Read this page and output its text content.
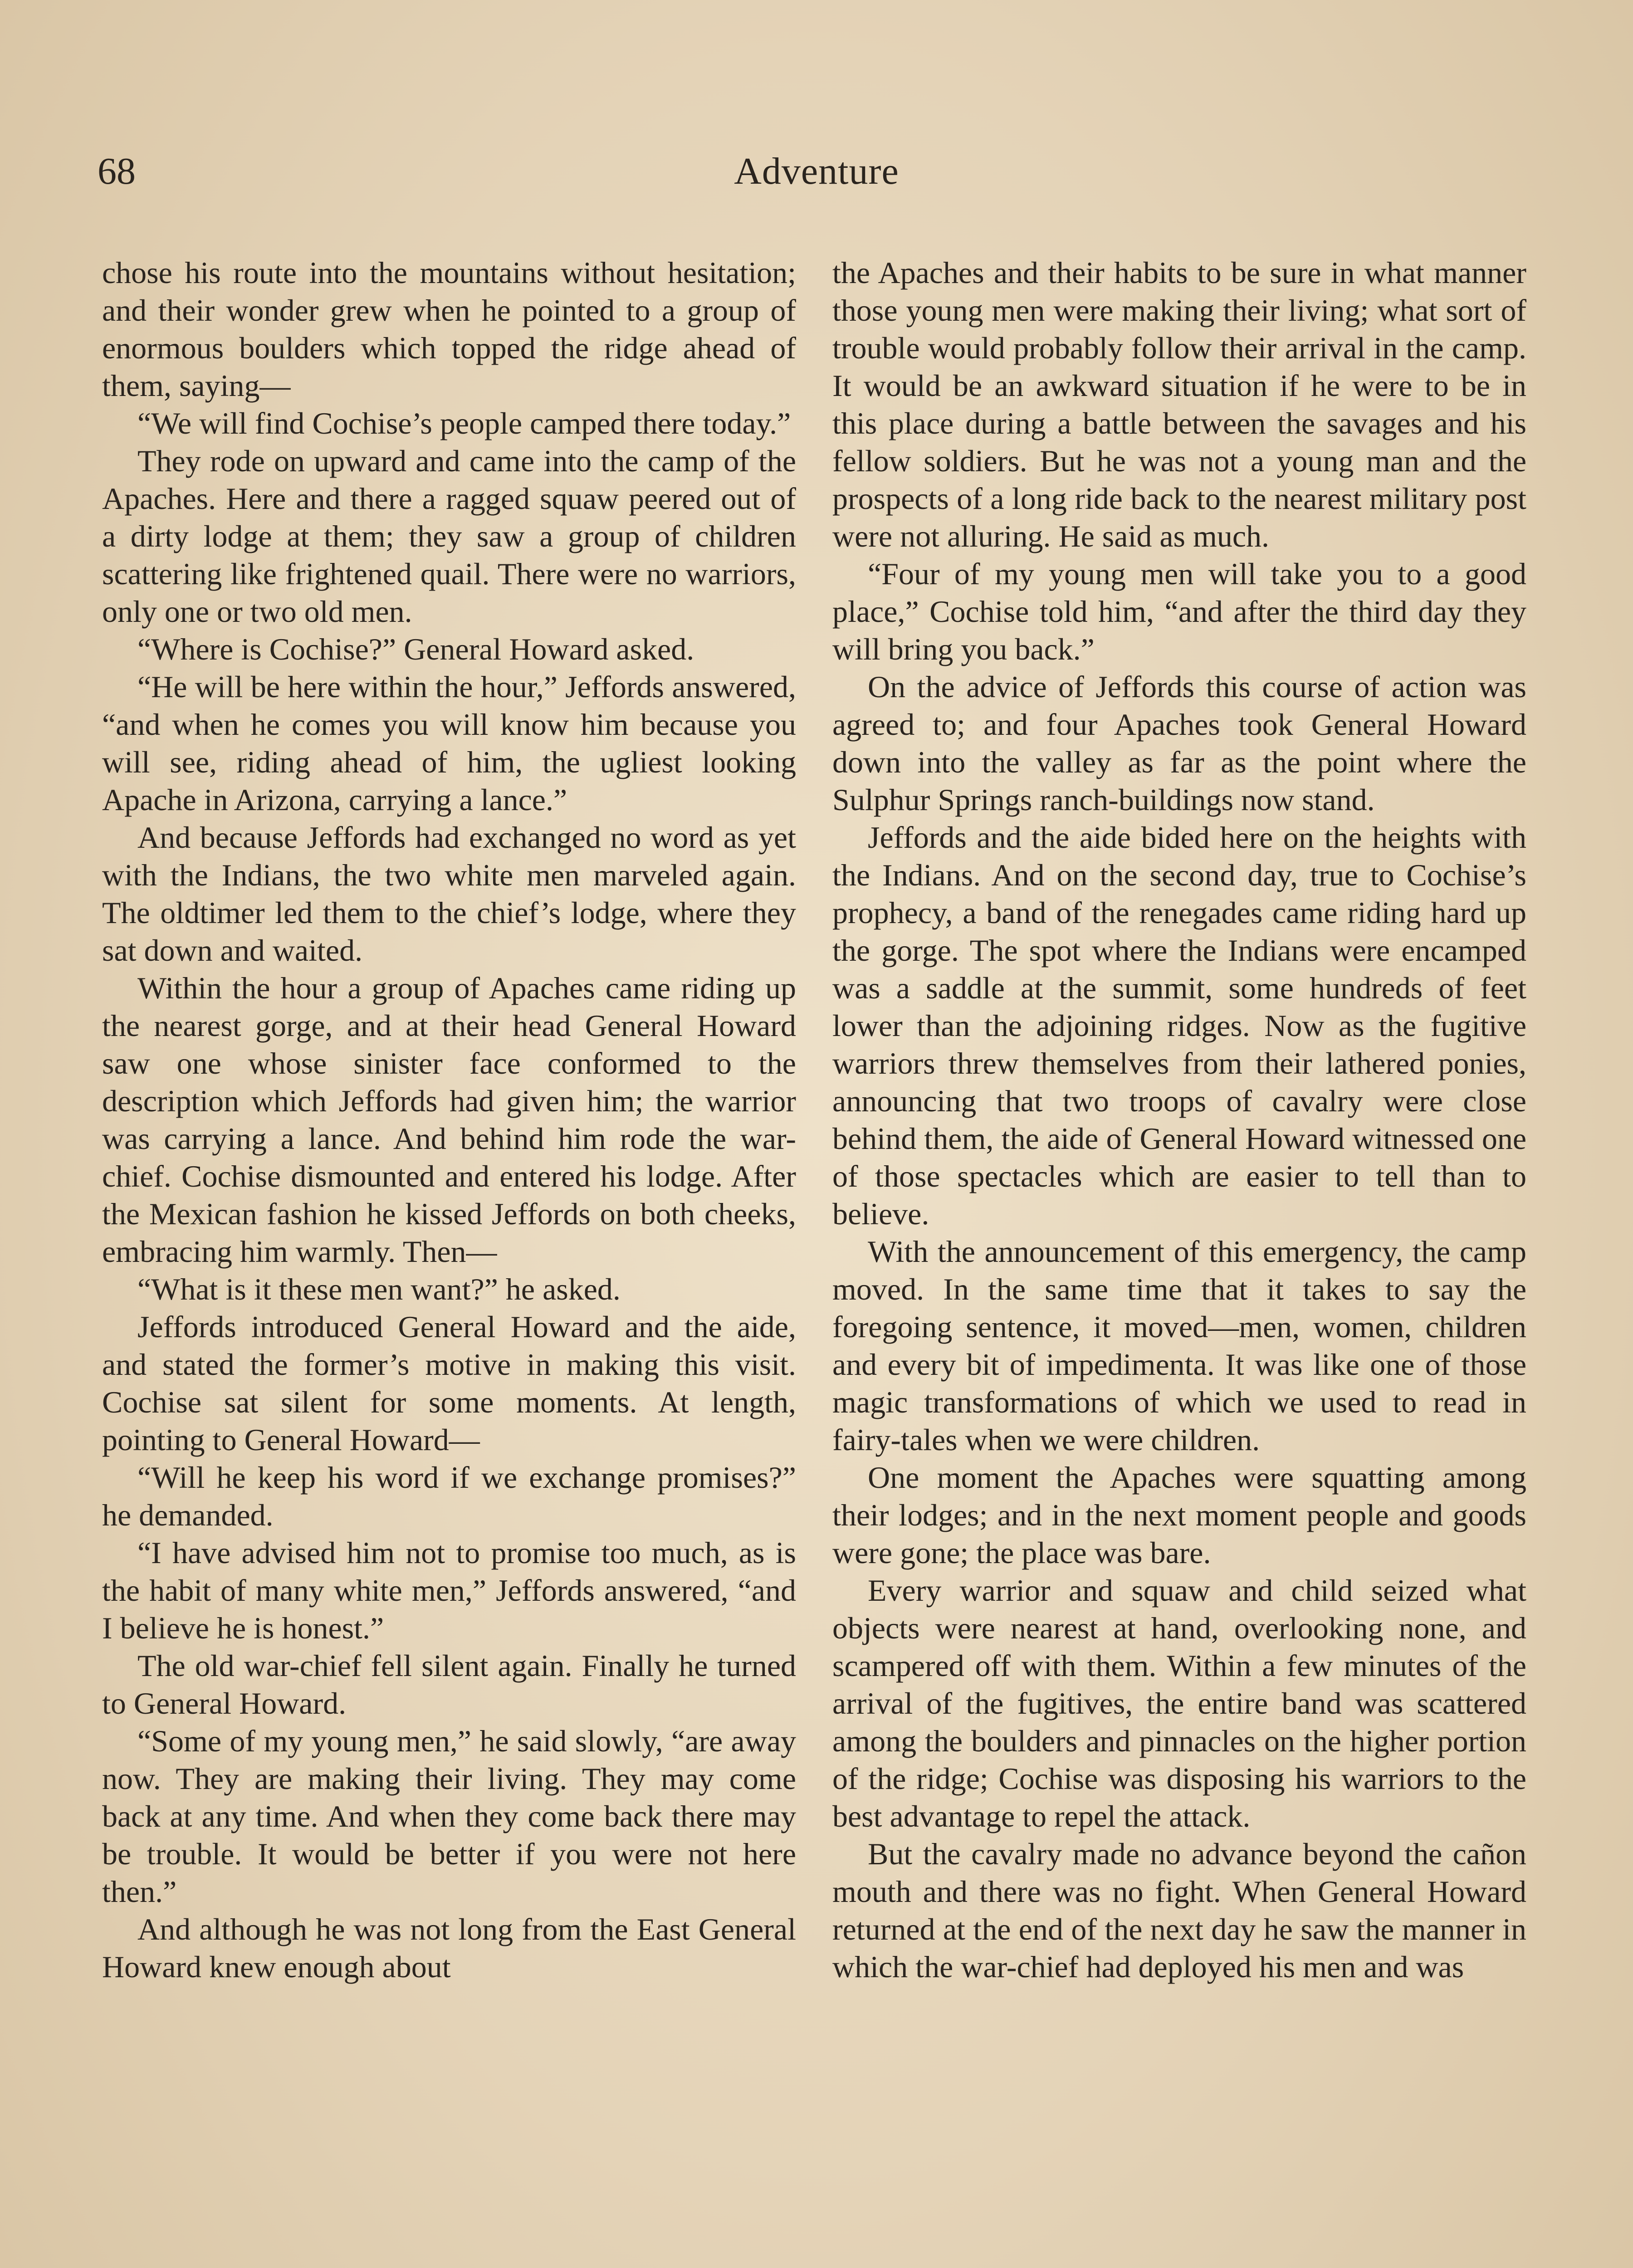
68	Adventure

chose his route into the mountains without hesitation; and their wonder grew when he pointed to a group of enormous boulders which topped the ridge ahead of them, saying—

“We will find Cochise’s people camped there today.”

They rode on upward and came into the camp of the Apaches. Here and there a ragged squaw peered out of a dirty lodge at them; they saw a group of children scattering like frightened quail. There were no warriors, only one or two old men.

“Where is Cochise?” General Howard asked.

“He will be here within the hour,” Jeffords answered, “and when he comes you will know him because you will see, riding ahead of him, the ugliest looking Apache in Arizona, carrying a lance.”

And because Jeffords had exchanged no word as yet with the Indians, the two white men marveled again. The oldtimer led them to the chief’s lodge, where they sat down and waited.

Within the hour a group of Apaches came riding up the nearest gorge, and at their head General Howard saw one whose sinister face conformed to the description which Jeffords had given him; the warrior was carrying a lance. And behind him rode the war-chief. Cochise dismounted and entered his lodge. After the Mexican fashion he kissed Jeffords on both cheeks, embracing him warmly. Then—

“What is it these men want?” he asked.

Jeffords introduced General Howard and the aide, and stated the former’s motive in making this visit. Cochise sat silent for some moments. At length, pointing to General Howard—

“Will he keep his word if we exchange promises?” he demanded.

“I have advised him not to promise too much, as is the habit of many white men,” Jeffords answered, “and I believe he is honest.”

The old war-chief fell silent again. Finally he turned to General Howard.

“Some of my young men,” he said slowly, “are away now. They are making their living. They may come back at any time. And when they come back there may be trouble. It would be better if you were not here then.”

And although he was not long from the East General Howard knew enough about

the Apaches and their habits to be sure in what manner those young men were making their living; what sort of trouble would probably follow their arrival in the camp. It would be an awkward situation if he were to be in this place during a battle between the savages and his fellow soldiers. But he was not a young man and the prospects of a long ride back to the nearest military post were not alluring. He said as much.

“Four of my young men will take you to a good place,” Cochise told him, “and after the third day they will bring you back.”

On the advice of Jeffords this course of action was agreed to; and four Apaches took General Howard down into the valley as far as the point where the Sulphur Springs ranch-buildings now stand.

Jeffords and the aide bided here on the heights with the Indians. And on the second day, true to Cochise’s prophecy, a band of the renegades came riding hard up the gorge. The spot where the Indians were encamped was a saddle at the summit, some hundreds of feet lower than the adjoining ridges. Now as the fugitive warriors threw themselves from their lathered ponies, announcing that two troops of cavalry were close behind them, the aide of General Howard witnessed one of those spectacles which are easier to tell than to believe.

With the announcement of this emergency, the camp moved. In the same time that it takes to say the foregoing sentence, it moved—men, women, children and every bit of impedimenta. It was like one of those magic transformations of which we used to read in fairy-tales when we were children.

One moment the Apaches were squatting among their lodges; and in the next moment people and goods were gone; the place was bare.

Every warrior and squaw and child seized what objects were nearest at hand, overlooking none, and scampered off with them. Within a few minutes of the arrival of the fugitives, the entire band was scattered among the boulders and pinnacles on the higher portion of the ridge; Cochise was disposing his warriors to the best advantage to repel the attack.

But the cavalry made no advance beyond the cañon mouth and there was no fight. When General Howard returned at the end of the next day he saw the manner in which the war-chief had deployed his men and was
